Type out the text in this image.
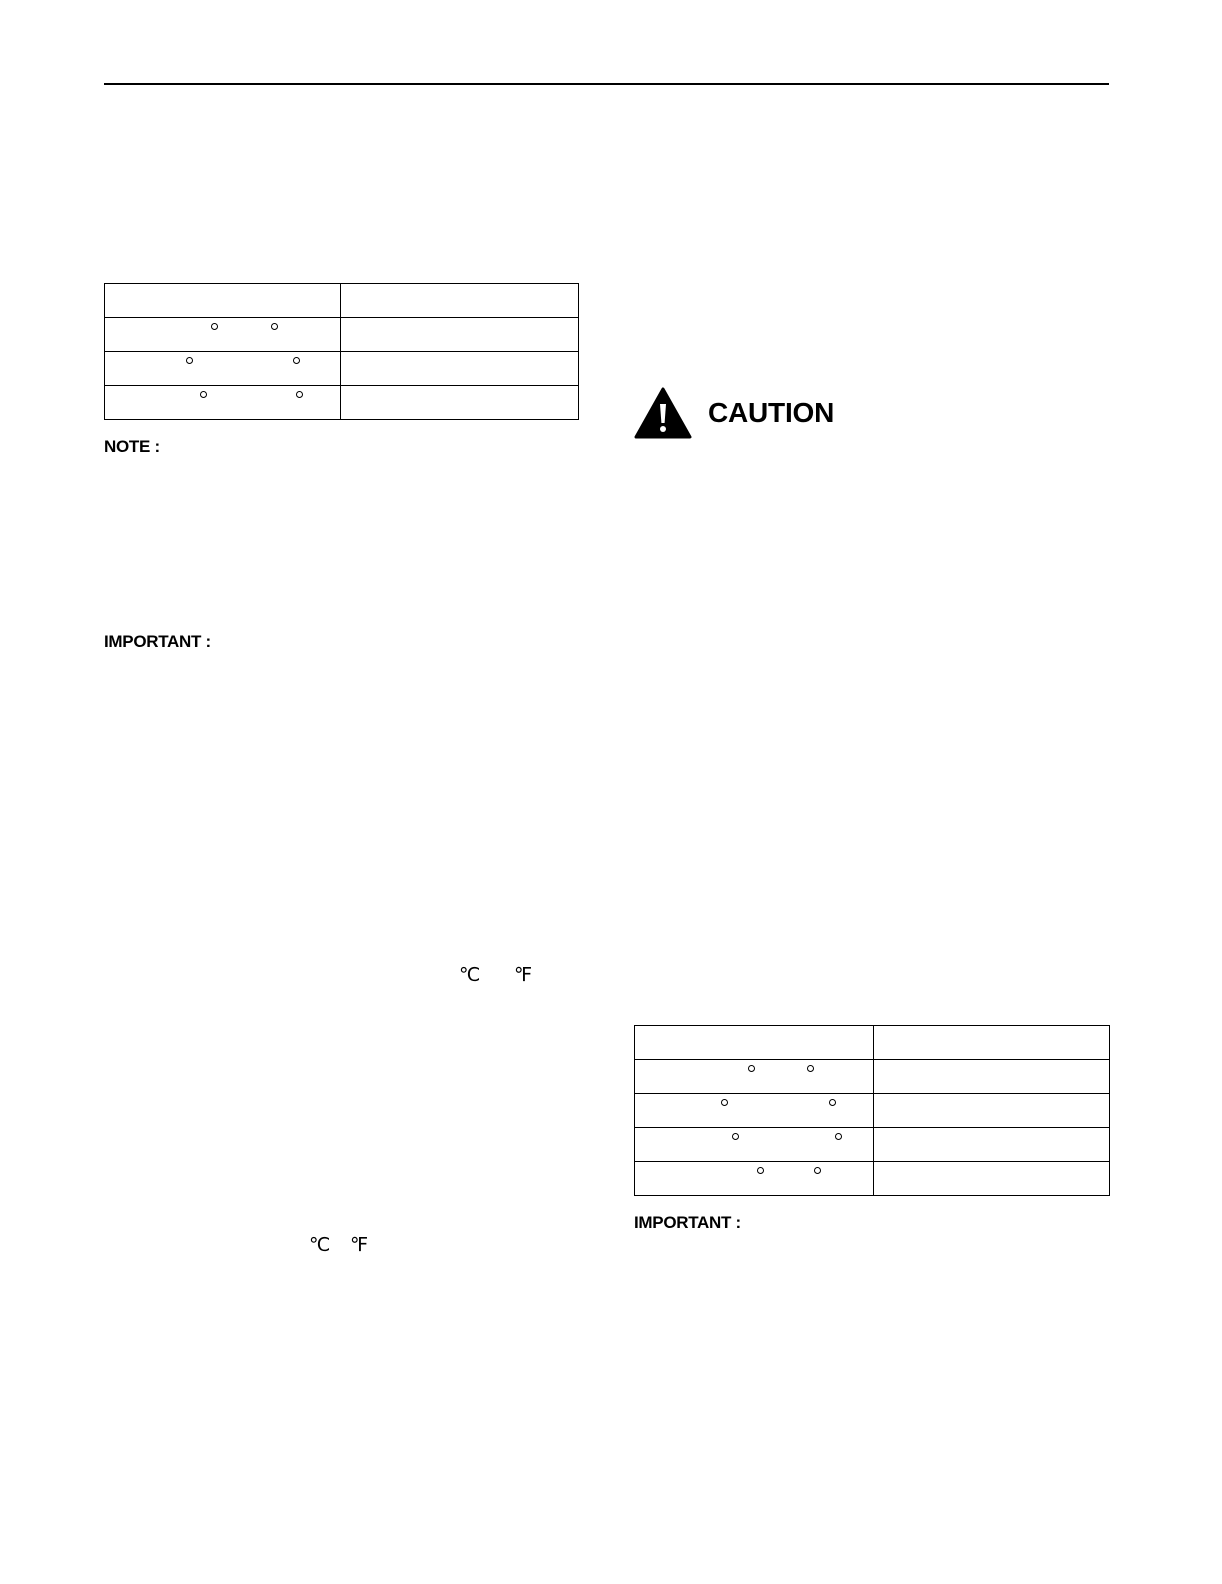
NOTE :
IMPORTANT :
℃ ℉
℃ ℉
CAUTION

IMPORTANT :
